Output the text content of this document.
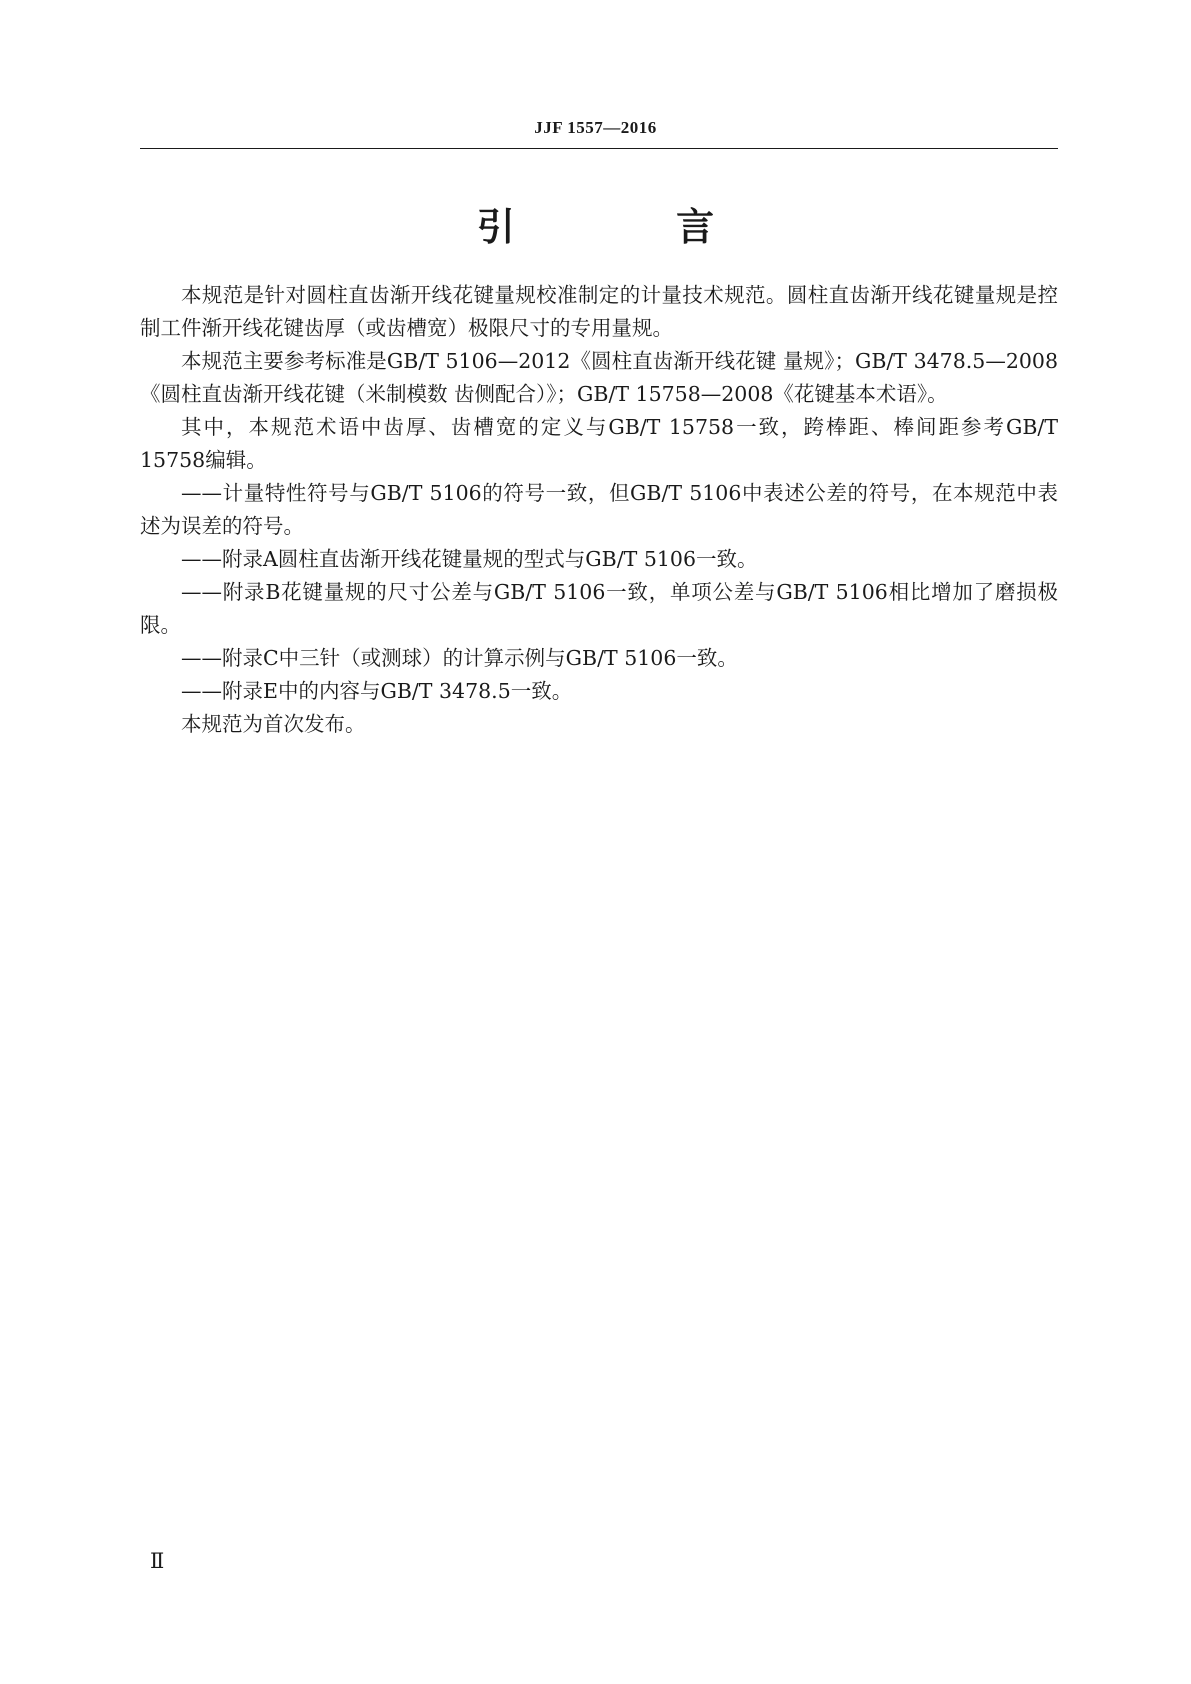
JJF 1557—2016
引 言

本规范是针对圆柱直齿渐开线花键量规校准制定的计量技术规范。圆柱直齿渐开线花键量规是控制工件渐开线花键齿厚（或齿槽宽）极限尺寸的专用量规。

本规范主要参考标准是GB/T 5106—2012《圆柱直齿渐开线花键 量规》；GB/T 3478.5—2008《圆柱直齿渐开线花键（米制模数 齿侧配合）》；GB/T 15758—2008《花键基本术语》。

其中，本规范术语中齿厚、齿槽宽的定义与GB/T 15758一致，跨棒距、棒间距参考GB/T 15758编辑。

——计量特性符号与GB/T 5106的符号一致，但GB/T 5106中表述公差的符号，在本规范中表述为误差的符号。

——附录A圆柱直齿渐开线花键量规的型式与GB/T 5106一致。

——附录B花键量规的尺寸公差与GB/T 5106一致，单项公差与GB/T 5106相比增加了磨损极限。

——附录C中三针（或测球）的计算示例与GB/T 5106一致。

——附录E中的内容与GB/T 3478.5一致。

本规范为首次发布。

Ⅱ
